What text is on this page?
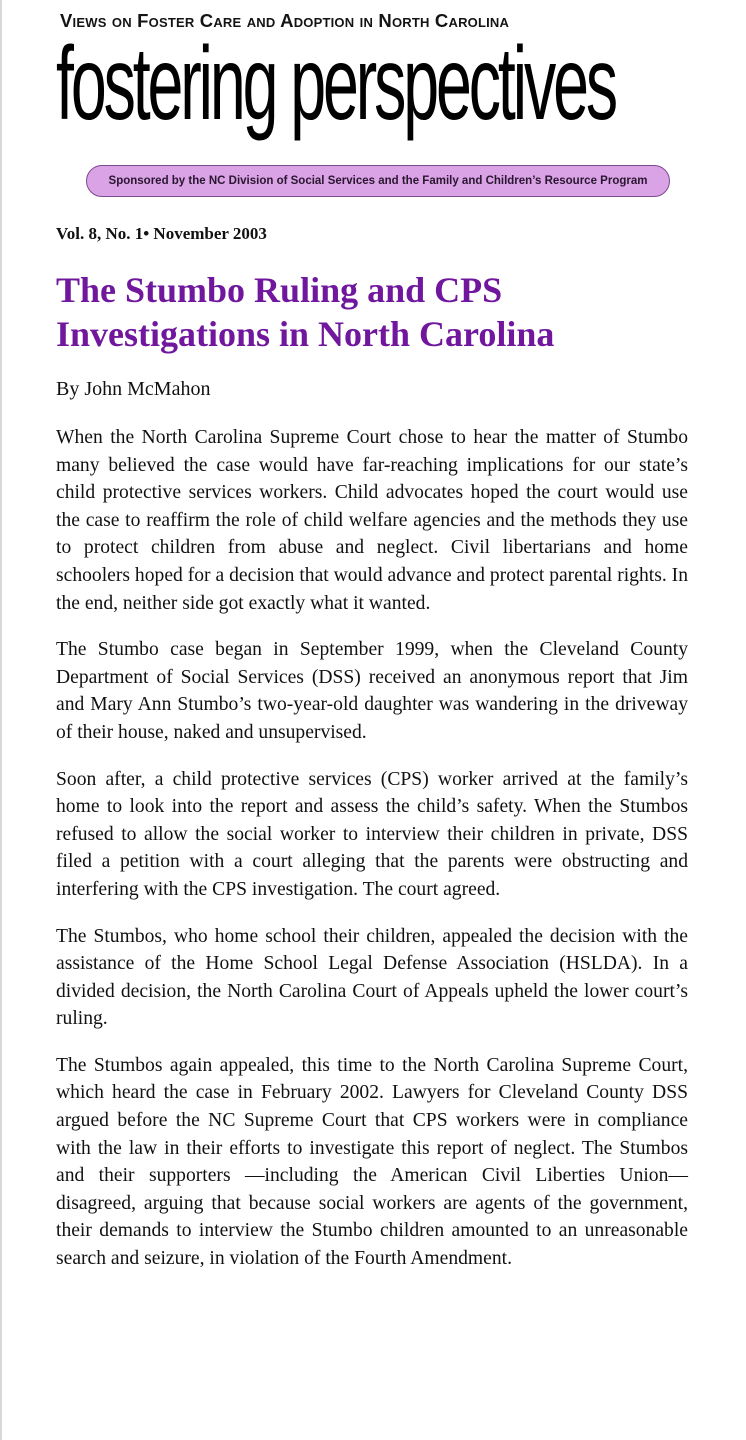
Views on Foster Care and Adoption in North Carolina
fostering perspectives
Sponsored by the NC Division of Social Services and the Family and Children’s Resource Program
Vol. 8, No. 1• November 2003
The Stumbo Ruling and CPS Investigations in North Carolina
By John McMahon

When the North Carolina Supreme Court chose to hear the matter of Stumbo many believed the case would have far-reaching implications for our state’s child protective services workers. Child advocates hoped the court would use the case to reaffirm the role of child welfare agencies and the methods they use to protect children from abuse and neglect. Civil libertarians and home schoolers hoped for a decision that would advance and protect parental rights. In the end, neither side got exactly what it wanted.

The Stumbo case began in September 1999, when the Cleveland County Department of Social Services (DSS) received an anonymous report that Jim and Mary Ann Stumbo’s two-year-old daughter was wandering in the driveway of their house, naked and unsupervised.

Soon after, a child protective services (CPS) worker arrived at the family’s home to look into the report and assess the child’s safety. When the Stumbos refused to allow the social worker to interview their children in private, DSS filed a petition with a court alleging that the parents were obstructing and interfering with the CPS investigation. The court agreed.

The Stumbos, who home school their children, appealed the decision with the assistance of the Home School Legal Defense Association (HSLDA). In a divided decision, the North Carolina Court of Appeals upheld the lower court’s ruling.

The Stumbos again appealed, this time to the North Carolina Supreme Court, which heard the case in February 2002. Lawyers for Cleveland County DSS argued before the NC Supreme Court that CPS workers were in compliance with the law in their efforts to investigate this report of neglect. The Stumbos and their supporters —including the American Civil Liberties Union—disagreed, arguing that because social workers are agents of the government, their demands to interview the Stumbo children amounted to an unreasonable search and seizure, in violation of the Fourth Amendment.
